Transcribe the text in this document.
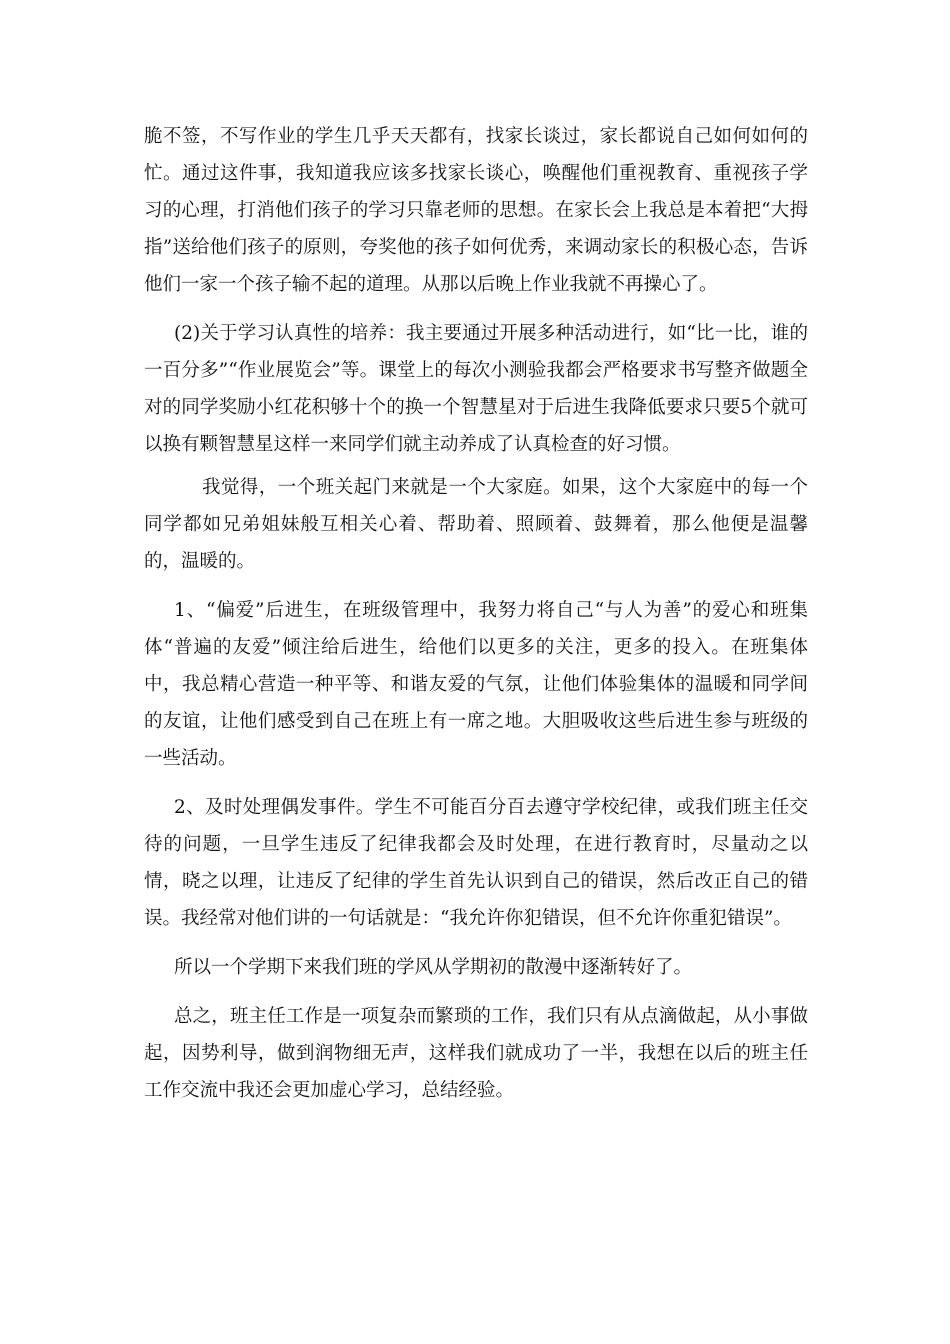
脆不签，不写作业的学生几乎天天都有，找家长谈过，家长都说自己如何如何的忙。通过这件事，我知道我应该多找家长谈心，唤醒他们重视教育、重视孩子学习的心理，打消他们孩子的学习只靠老师的思想。在家长会上我总是本着把“大拇指”送给他们孩子的原则，夸奖他的孩子如何优秀，来调动家长的积极心态，告诉他们一家一个孩子输不起的道理。从那以后晚上作业我就不再操心了。

(2)关于学习认真性的培养：我主要通过开展多种活动进行，如“比一比，谁的一百分多”“作业展览会”等。课堂上的每次小测验我都会严格要求书写整齐做题全对的同学奖励小红花积够十个的换一个智慧星对于后进生我降低要求只要5个就可以换有颗智慧星这样一来同学们就主动养成了认真检查的好习惯。

我觉得，一个班关起门来就是一个大家庭。如果，这个大家庭中的每一个同学都如兄弟姐妹般互相关心着、帮助着、照顾着、鼓舞着，那么他便是温馨的，温暖的。

1、“偏爱”后进生，在班级管理中，我努力将自己“与人为善”的爱心和班集体“普遍的友爱”倾注给后进生，给他们以更多的关注，更多的投入。在班集体中，我总精心营造一种平等、和谐友爱的气氛，让他们体验集体的温暖和同学间的友谊，让他们感受到自己在班上有一席之地。大胆吸收这些后进生参与班级的一些活动。

2、及时处理偶发事件。学生不可能百分百去遵守学校纪律，或我们班主任交待的问题，一旦学生违反了纪律我都会及时处理，在进行教育时，尽量动之以情，晓之以理，让违反了纪律的学生首先认识到自己的错误，然后改正自己的错误。我经常对他们讲的一句话就是：“我允许你犯错误，但不允许你重犯错误”。

所以一个学期下来我们班的学风从学期初的散漫中逐渐转好了。

总之，班主任工作是一项复杂而繁琐的工作，我们只有从点滴做起，从小事做起，因势利导，做到润物细无声，这样我们就成功了一半，我想在以后的班主任工作交流中我还会更加虚心学习，总结经验。
